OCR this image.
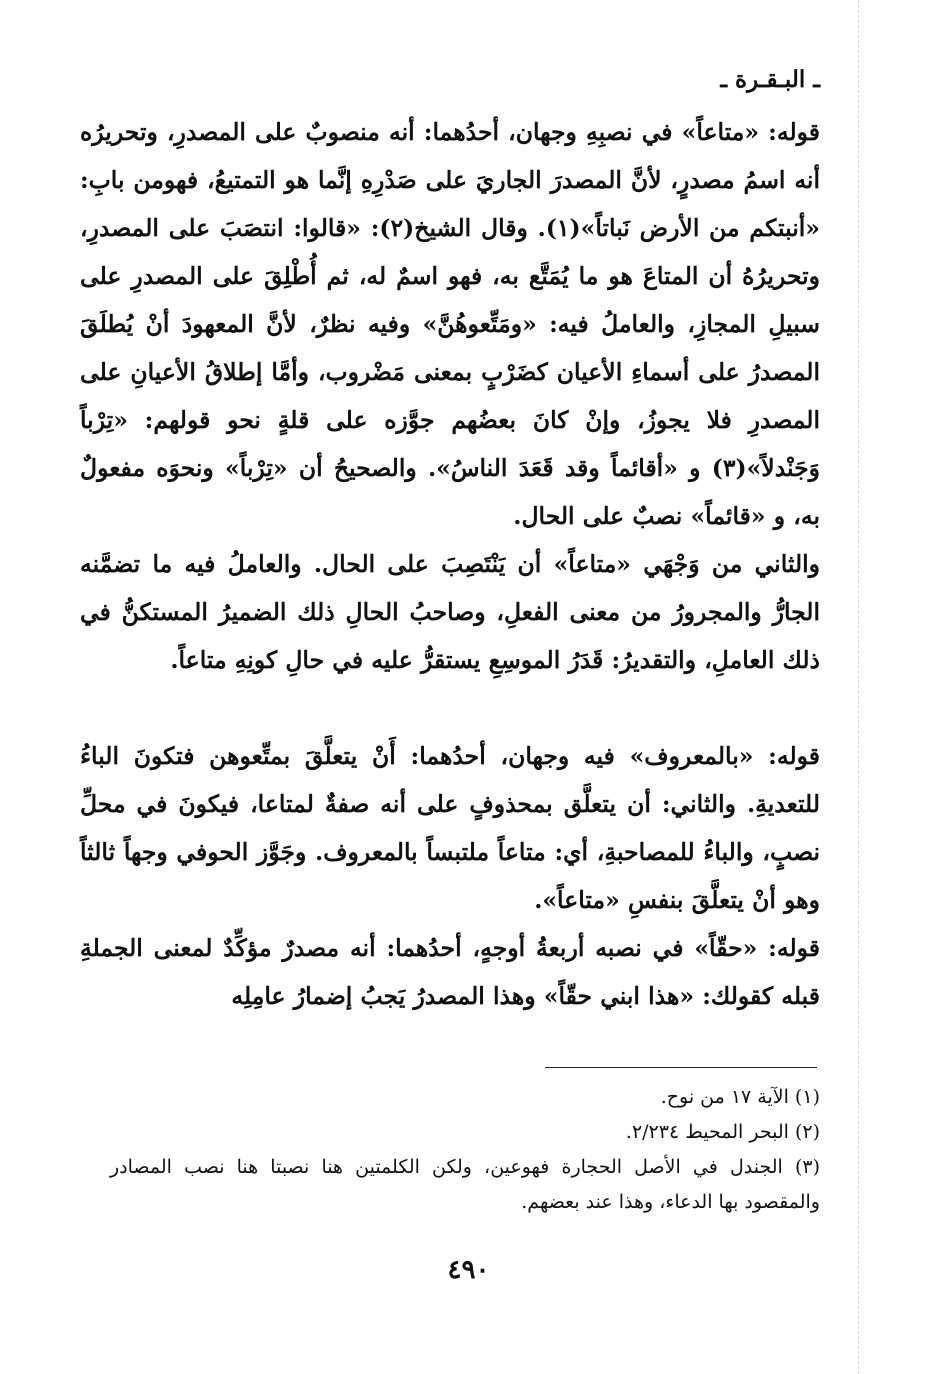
ـ البـقـرة ـ

قوله: «متاعاً» في نصبِهِ وجهان، أحدُهما: أنه منصوبٌ على المصدرِ، وتحريرُه أنه اسمُ مصدرٍ، لأنَّ المصدرَ الجاريَ على صَدْرِهِ إنَّما هو التمتيعُ، فهومن بابِ: «أنبتكم من الأرض نَباتاً»(١). وقال الشيخ(٢): «قالوا: انتصَبَ على المصدرِ، وتحريرُهُ أن المتاعَ هو ما يُمَتَّع به، فهو اسمٌ له، ثم أُطْلِقَ على المصدرِ على سبيلِ المجازِ، والعاملُ فيه: «ومَتِّعوهُنَّ» وفيه نظرٌ، لأنَّ المعهودَ أنْ يُطلَقَ المصدرُ على أسماءِ الأعيان كضَرْبٍ بمعنى مَضْروب، وأمَّا إطلاقُ الأعيانِ على المصدرِ فلا يجوزُ، وإنْ كانَ بعضُهم جوَّزه على قلةٍ نحو قولهم: «تِرْباً وَجَنْدلاً»(٣) و «أقائماً وقد قَعَدَ الناسُ». والصحيحُ أن «تِرْباً» ونحوَه مفعولٌ به، و «قائماً» نصبٌ على الحال.

والثاني من وَجْهَي «متاعاً» أن يَنْتَصِبَ على الحال. والعاملُ فيه ما تضمَّنه الجارُّ والمجرورُ من معنى الفعلِ، وصاحبُ الحالِ ذلك الضميرُ المستكنُّ في ذلك العاملِ، والتقديرُ: قَدَرُ الموسِعِ يستقرُّ عليه في حالِ كونِهِ متاعاً.

قوله: «بالمعروف» فيه وجهان، أحدُهما: أَنْ يتعلَّقَ بمتِّعوهن فتكونَ الباءُ للتعديةِ. والثاني: أن يتعلَّق بمحذوفٍ على أنه صفةٌ لمتاعا، فيكونَ في محلِّ نصبٍ، والباءُ للمصاحبةِ، أي: متاعاً ملتبساً بالمعروف. وجَوَّز الحوفي وجهاً ثالثاً وهو أنْ يتعلَّقَ بنفسِ «متاعاً».

قوله: «حقّاً» في نصبه أربعةُ أوجهٍ، أحدُهما: أنه مصدرٌ مؤكِّدٌ لمعنى الجملةِ قبله كقولك: «هذا ابني حقّاً» وهذا المصدرُ يَجبُ إضمارُ عامِلِه

(١) الآية ١٧ من نوح.

(٢) البحر المحيط ٢/٢٣٤.

(٣) الجندل في الأصل الحجارة فهوعين، ولكن الكلمتين هنا نصبتا هنا نصب المصادر والمقصود بها الدعاء، وهذا عند بعضهم.

٤٩٠
